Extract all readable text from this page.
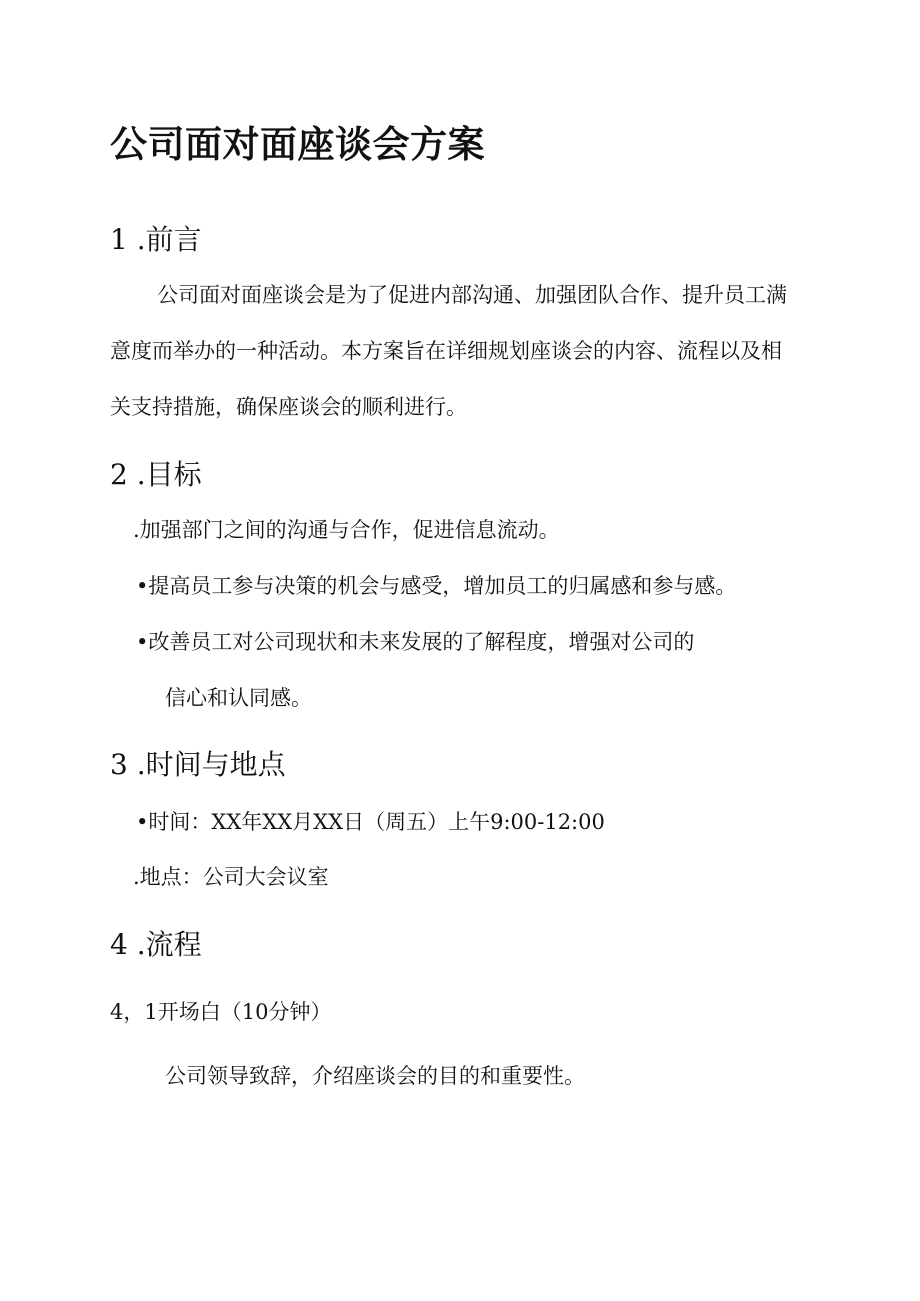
公司面对面座谈会方案
1 .前言
公司面对面座谈会是为了促进内部沟通、加强团队合作、提升员工满
意度而举办的一种活动。本方案旨在详细规划座谈会的内容、流程以及相
关支持措施，确保座谈会的顺利进行。
2 .目标
.加强部门之间的沟通与合作，促进信息流动。
•提高员工参与决策的机会与感受，增加员工的归属感和参与感。
•改善员工对公司现状和未来发展的了解程度，增强对公司的
信心和认同感。
3 .时间与地点
•时间：XX年XX月XX日（周五）上午9:00-12:00
.地点：公司大会议室
4 .流程
4，1开场白（10分钟）
公司领导致辞，介绍座谈会的目的和重要性。
